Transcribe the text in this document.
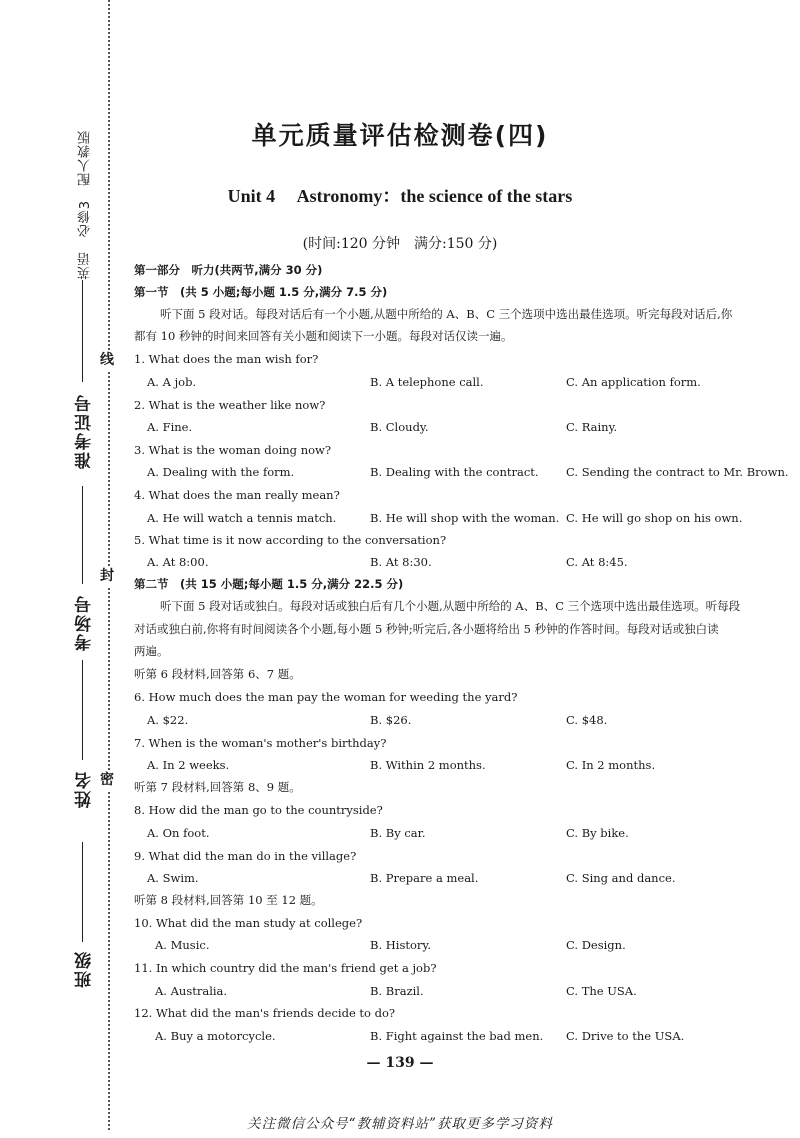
英语　必修3　配人教版
准考证号
考场号
姓名
班级
线
封
密
单元质量评估检测卷(四)
Unit 4　 Astronomy：the science of the stars
(时间:120 分钟　满分:150 分)
第一部分　听力(共两节,满分 30 分)
第一节　(共 5 小题;每小题 1.5 分,满分 7.5 分)
听下面 5 段对话。每段对话后有一个小题,从题中所给的 A、B、C 三个选项中选出最佳选项。听完每段对话后,你
都有 10 秒钟的时间来回答有关小题和阅读下一小题。每段对话仅读一遍。
1. What does the man wish for?
A. A job.	B. A telephone call.	C. An application form.
2. What is the weather like now?
A. Fine.	B. Cloudy.	C. Rainy.
3. What is the woman doing now?
A. Dealing with the form.	B. Dealing with the contract. C. Sending the contract to Mr. Brown.
4. What does the man really mean?
A. He will watch a tennis match.	B. He will shop with the woman. C. He will go shop on his own.
5. What time is it now according to the conversation?
A. At 8:00.	B. At 8:30.	C. At 8:45.
第二节　(共 15 小题;每小题 1.5 分,满分 22.5 分)
听下面 5 段对话或独白。每段对话或独白后有几个小题,从题中所给的 A、B、C 三个选项中选出最佳选项。听每段
对话或独白前,你将有时间阅读各个小题,每小题 5 秒钟;听完后,各小题将给出 5 秒钟的作答时间。每段对话或独白读
两遍。
听第 6 段材料,回答第 6、7 题。
6. How much does the man pay the woman for weeding the yard?
A. $22.	B. $26.	C. $48.
7. When is the woman's mother's birthday?
A. In 2 weeks.	B. Within 2 months.	C. In 2 months.
听第 7 段材料,回答第 8、9 题。
8. How did the man go to the countryside?
A. On foot.	B. By car.	C. By bike.
9. What did the man do in the village?
A. Swim.	B. Prepare a meal.	C. Sing and dance.
听第 8 段材料,回答第 10 至 12 题。
10. What did the man study at college?
A. Music.	B. History.	C. Design.
11. In which country did the man's friend get a job?
A. Australia.	B. Brazil.	C. The USA.
12. What did the man's friends decide to do?
A. Buy a motorcycle.	B. Fight against the bad men. C. Drive to the USA.
— 139 —
关注微信公众号“教辅资料站”获取更多学习资料
